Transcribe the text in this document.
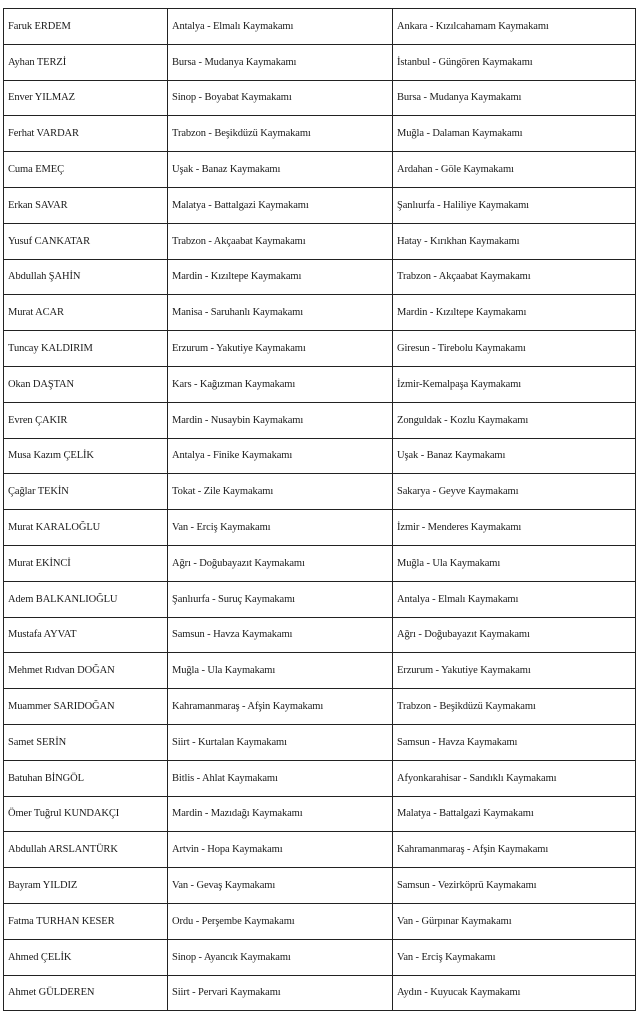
Faruk ERDEM	Antalya - Elmalı Kaymakamı	Ankara - Kızılcahamam Kaymakamı
Ayhan TERZİ	Bursa - Mudanya Kaymakamı	İstanbul - Güngören Kaymakamı
Enver YILMAZ	Sinop - Boyabat Kaymakamı	Bursa - Mudanya Kaymakamı
Ferhat VARDAR	Trabzon - Beşikdüzü Kaymakamı	Muğla - Dalaman Kaymakamı
Cuma EMEÇ	Uşak - Banaz Kaymakamı	Ardahan - Göle Kaymakamı
Erkan SAVAR	Malatya - Battalgazi Kaymakamı	Şanlıurfa - Haliliye Kaymakamı
Yusuf CANKATAR	Trabzon - Akçaabat Kaymakamı	Hatay - Kırıkhan Kaymakamı
Abdullah ŞAHİN	Mardin - Kızıltepe Kaymakamı	Trabzon - Akçaabat Kaymakamı
Murat ACAR	Manisa - Saruhanlı Kaymakamı	Mardin - Kızıltepe Kaymakamı
Tuncay KALDIRIM	Erzurum - Yakutiye Kaymakamı	Giresun - Tirebolu Kaymakamı
Okan DAŞTAN	Kars - Kağızman Kaymakamı	İzmir-Kemalpaşa Kaymakamı
Evren ÇAKIR	Mardin - Nusaybin Kaymakamı	Zonguldak - Kozlu Kaymakamı
Musa Kazım ÇELİK	Antalya - Finike Kaymakamı	Uşak - Banaz Kaymakamı
Çağlar TEKİN	Tokat - Zile Kaymakamı	Sakarya - Geyve Kaymakamı
Murat KARALOĞLU	Van - Erciş Kaymakamı	İzmir - Menderes Kaymakamı
Murat EKİNCİ	Ağrı - Doğubayazıt Kaymakamı	Muğla - Ula Kaymakamı
Adem BALKANLIOĞLU	Şanlıurfa - Suruç Kaymakamı	Antalya - Elmalı Kaymakamı
Mustafa AYVAT	Samsun - Havza Kaymakamı	Ağrı - Doğubayazıt Kaymakamı
Mehmet Rıdvan DOĞAN	Muğla - Ula Kaymakamı	Erzurum - Yakutiye Kaymakamı
Muammer SARIDOĞAN	Kahramanmaraş - Afşin Kaymakamı	Trabzon - Beşikdüzü Kaymakamı
Samet SERİN	Siirt - Kurtalan Kaymakamı	Samsun - Havza Kaymakamı
Batuhan BİNGÖL	Bitlis - Ahlat Kaymakamı	Afyonkarahisar - Sandıklı Kaymakamı
Ömer Tuğrul KUNDAKÇI	Mardin - Mazıdağı Kaymakamı	Malatya - Battalgazi Kaymakamı
Abdullah ARSLANTÜRK	Artvin - Hopa Kaymakamı	Kahramanmaraş - Afşin Kaymakamı
Bayram YILDIZ	Van - Gevaş Kaymakamı	Samsun - Vezirköprü Kaymakamı
Fatma TURHAN KESER	Ordu - Perşembe Kaymakamı	Van - Gürpınar Kaymakamı
Ahmed ÇELİK	Sinop - Ayancık Kaymakamı	Van - Erciş Kaymakamı
Ahmet GÜLDEREN	Siirt - Pervari Kaymakamı	Aydın - Kuyucak Kaymakamı
